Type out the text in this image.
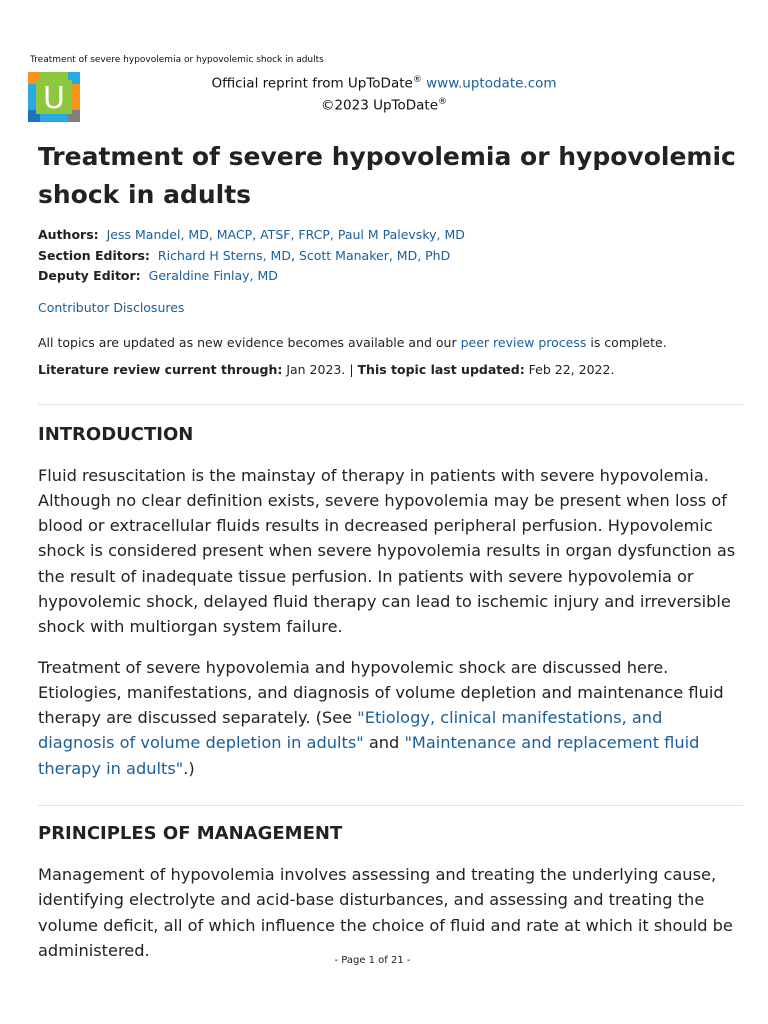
Treatment of severe hypovolemia or hypovolemic shock in adults
U	Official reprint from UpToDate® www.uptodate.com
©2023 UpToDate®
Treatment of severe hypovolemia or hypovolemic shock in adults
Authors: Jess Mandel, MD, MACP, ATSF, FRCP, Paul M Palevsky, MD
Section Editors: Richard H Sterns, MD, Scott Manaker, MD, PhD
Deputy Editor: Geraldine Finlay, MD
Contributor Disclosures
All topics are updated as new evidence becomes available and our peer review process is complete.
Literature review current through: Jan 2023. | This topic last updated: Feb 22, 2022.
INTRODUCTION

Fluid resuscitation is the mainstay of therapy in patients with severe hypovolemia. Although no clear definition exists, severe hypovolemia may be present when loss of blood or extracellular fluids results in decreased peripheral perfusion. Hypovolemic shock is considered present when severe hypovolemia results in organ dysfunction as the result of inadequate tissue perfusion. In patients with severe hypovolemia or hypovolemic shock, delayed fluid therapy can lead to ischemic injury and irreversible shock with multiorgan system failure.

Treatment of severe hypovolemia and hypovolemic shock are discussed here. Etiologies, manifestations, and diagnosis of volume depletion and maintenance fluid therapy are discussed separately. (See "Etiology, clinical manifestations, and diagnosis of volume depletion in adults" and "Maintenance and replacement fluid therapy in adults".)

PRINCIPLES OF MANAGEMENT

Management of hypovolemia involves assessing and treating the underlying cause, identifying electrolyte and acid-base disturbances, and assessing and treating the volume deficit, all of which influence the choice of fluid and rate at which it should be administered.

- Page 1 of 21 -
